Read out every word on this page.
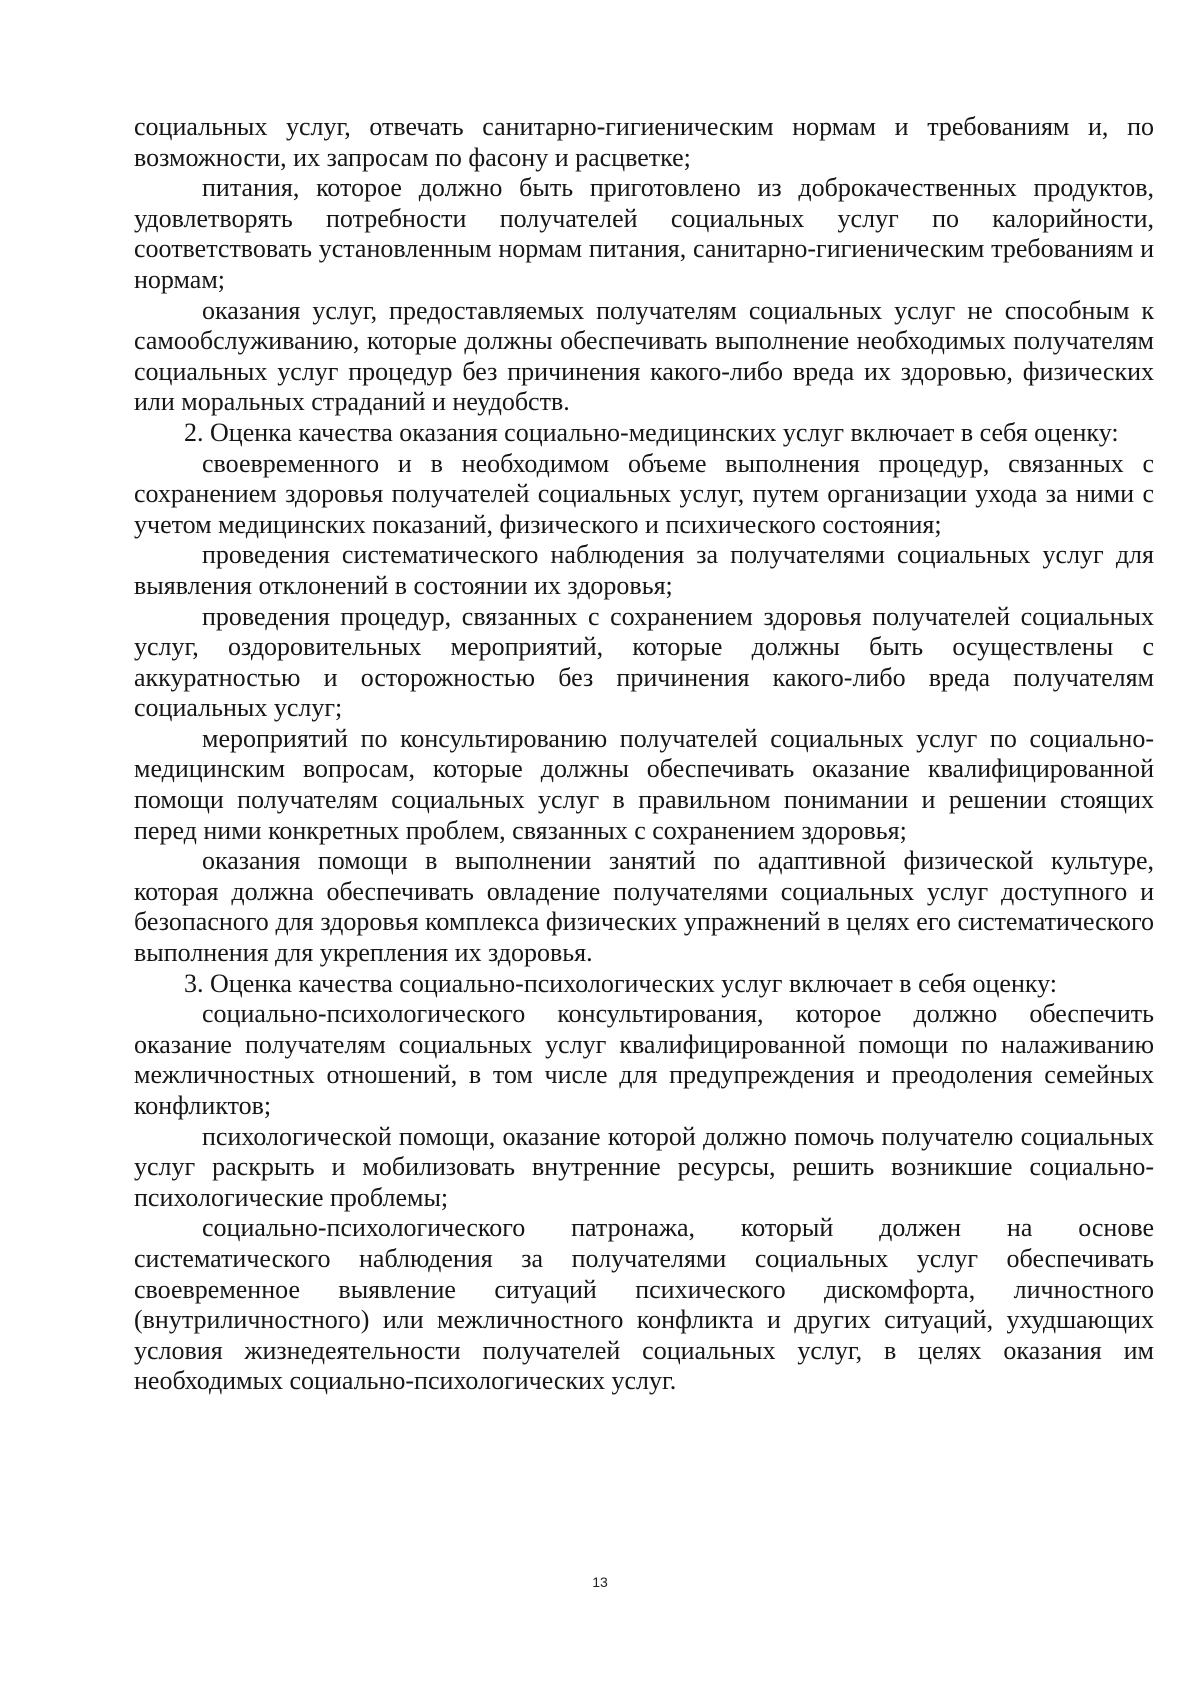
социальных услуг, отвечать санитарно-гигиеническим нормам и требованиям и, по возможности, их запросам по фасону и расцветке;

питания, которое должно быть приготовлено из доброкачественных продуктов, удовлетворять потребности получателей социальных услуг по калорийности, соответствовать установленным нормам питания, санитарно-гигиеническим требованиям и нормам;

оказания услуг, предоставляемых получателям социальных услуг не способным к самообслуживанию, которые должны обеспечивать выполнение необходимых получателям социальных услуг процедур без причинения какого-либо вреда их здоровью, физических или моральных страданий и неудобств.

2. Оценка качества оказания социально-медицинских услуг включает в себя оценку:

своевременного и в необходимом объеме выполнения процедур, связанных с сохранением здоровья получателей социальных услуг, путем организации ухода за ними с учетом медицинских показаний, физического и психического состояния;

проведения систематического наблюдения за получателями социальных услуг для выявления отклонений в состоянии их здоровья;

проведения процедур, связанных с сохранением здоровья получателей социальных услуг, оздоровительных мероприятий, которые должны быть осуществлены с аккуратностью и осторожностью без причинения какого-либо вреда получателям социальных услуг;

мероприятий по консультированию получателей социальных услуг по социально-медицинским вопросам, которые должны обеспечивать оказание квалифицированной помощи получателям социальных услуг в правильном понимании и решении стоящих перед ними конкретных проблем, связанных с сохранением здоровья;

оказания помощи в выполнении занятий по адаптивной физической культуре, которая должна обеспечивать овладение получателями социальных услуг доступного и безопасного для здоровья комплекса физических упражнений в целях его систематического выполнения для укрепления их здоровья.

3. Оценка качества социально-психологических услуг включает в себя оценку:

социально-психологического консультирования, которое должно обеспечить оказание получателям социальных услуг квалифицированной помощи по налаживанию межличностных отношений, в том числе для предупреждения и преодоления семейных конфликтов;

психологической помощи, оказание которой должно помочь получателю социальных услуг раскрыть и мобилизовать внутренние ресурсы, решить возникшие социально-психологические проблемы;

социально-психологического патронажа, который должен на основе систематического наблюдения за получателями социальных услуг обеспечивать своевременное выявление ситуаций психического дискомфорта, личностного (внутриличностного) или межличностного конфликта и других ситуаций, ухудшающих условия жизнедеятельности получателей социальных услуг, в целях оказания им необходимых социально-психологических услуг.

13
